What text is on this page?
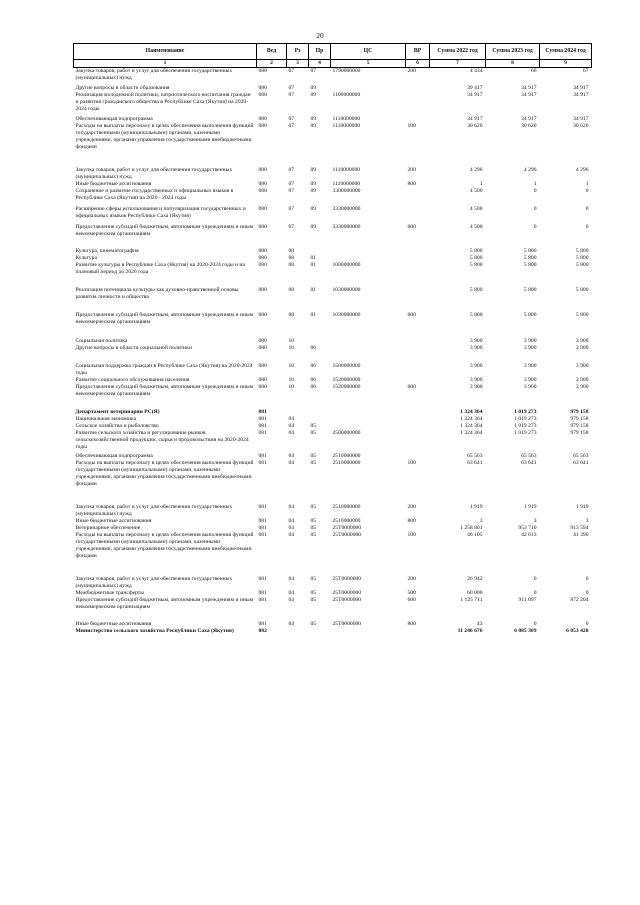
20
Наименование	Вед	Рз	Пр	ЦС	ВР	Сумма 2022 год	Сумма 2023 год	Сумма 2024 год
1	2	3	4	5	6	7	8	9
Закупка товаров, работ и услуг для обеспечения государственных (муниципальных) нужд	080	07	07	1790000000	200	4 434	66	67
Другие вопросы в области образования	080	07	09			39 417	34 917	34 917
Реализация молодежной политики, патриотического воспитания граждан и развития гражданского общества в Республике Саха (Якутия) на 2020-2024 годы	080	07	09	1100000000		34 917	34 917	34 917
Обеспечивающая подпрограмма	080	07	09	1110000000		34 917	34 917	34 917
Расходы на выплаты персоналу в целях обеспечения выполнения функций государственными (муниципальными) органами, казенными учреждениями, органами управления государственными внебюджетными фондами	080	07	09	1110000000	100	30 620	30 620	30 620
Закупка товаров, работ и услуг для обеспечения государственных (муниципальных) нужд	080	07	09	1110000000	200	4 296	4 296	4 296
Иные бюджетные ассигнования	080	07	09	1110000000	800	1	1	1
Сохранение и развитие государственных и официальных языков в Республике Саха (Якутия) на 2020 - 2024 годы	080	07	09	3300000000		4 500	0	0
Расширение сферы использования и популяризация государственных и официальных языков Республики Саха (Якутия)	080	07	09	3330000000		4 500	0	0
Предоставление субсидий бюджетным, автономным учреждениям и иным некоммерческим организациям	080	07	09	3330000000	600	4 500	0	0
Культура, кинематография	080	08				5 800	5 800	5 800
Культура	080	08	01			5 800	5 800	5 800
Развитие культуры в Республике Саха (Якутия) на 2020-2024 годы и на плановый период до 2026 года	080	08	01	1000000000		5 800	5 800	5 800
Реализация потенциала культуры как духовно-нравственной основы развития личности и общества	080	08	01	1030000000		5 800	5 800	5 800
Предоставление субсидий бюджетным, автономным учреждениям и иным некоммерческим организациям	080	08	01	1030000000	600	5 800	5 800	5 800
Социальная политика	080	10				3 900	3 900	3 900
Другие вопросы в области социальной политики	080	10	06			3 900	3 900	3 900
Социальная поддержка граждан в Республике Саха (Якутия) на 2020-2024 годы	080	10	06	1500000000		3 900	3 900	3 900
Развитие социального обслуживания населения	080	10	06	1520000000		3 900	3 900	3 900
Предоставление субсидий бюджетным, автономным учреждениям и иным некоммерческим организациям	080	10	06	1520000000	600	3 900	3 900	3 900
Департамент ветеринарии РС(Я)	081					1 324 364	1 019 273	979 158
Национальная экономика	081	04				1 324 364	1 019 273	979 158
Сельское хозяйство и рыболовство	081	04	05			1 324 364	1 019 273	979 158
Развитие сельского хозяйства и регулирование рынков сельскохозяйственной продукции, сырья и продовольствия на 2020-2024 годы	081	04	05	2500000000		1 324 364	1 019 273	979 158
Обеспечивающая подпрограмма	081	04	05	2510000000		65 563	65 563	65 563
Расходы на выплаты персоналу в целях обеспечения выполнения функций государственными (муниципальными) органами, казенными учреждениями, органами управления государственными внебюджетными фондами	081	04	05	2510000000	100	63 641	63 641	63 641
Закупка товаров, работ и услуг для обеспечения государственных (муниципальных) нужд	081	04	05	2510000000	200	1 919	1 919	1 919
Иные бюджетные ассигнования	081	04	05	2510000000	800	3	3	3
Ветеринарное обеспечение	081	04	05	25Т0000000		1 258 801	953 710	913 594
Расходы на выплаты персоналу в целях обеспечения выполнения функций государственными (муниципальными) органами, казенными учреждениями, органами управления государственными внебюджетными фондами	081	04	05	25Т0000000	100	46 105	42 613	41 390
Закупка товаров, работ и услуг для обеспечения государственных (муниципальных) нужд	081	04	05	25Т0000000	200	26 942	0	0
Межбюджетные трансферты	081	04	05	25Т0000000	500	60 000	0	0
Предоставление субсидий бюджетным, автономным учреждениям и иным некоммерческим организациям	081	04	05	25Т0000000	600	1 125 711	911 097	872 204
Иные бюджетные ассигнования	081	04	05	25Т0000000	800	43	0	0
Министерство сельского хозяйства Республики Саха (Якутия)	082					11 246 676	6 085 309	6 053 428
